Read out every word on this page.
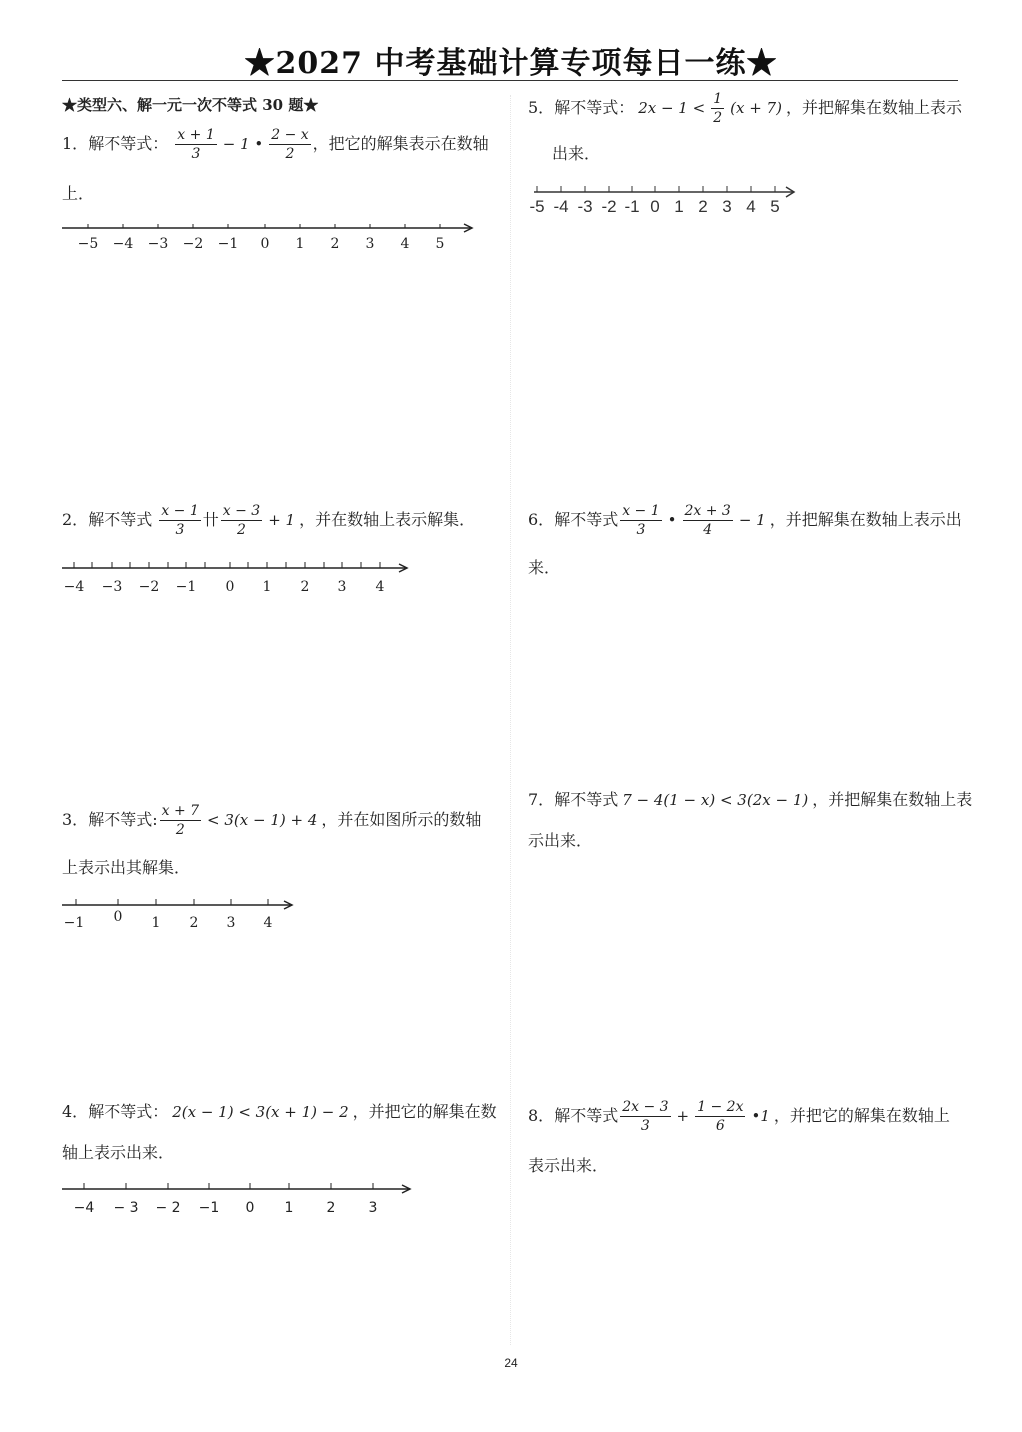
★2027 中考基础计算专项每日一练★
★类型六、解一元一次不等式 30 题★
1．解不等式： $\frac{x + 1}{3} - 1$ • $\frac{2 - x}{2}$ ，把它的解集表示在数轴
上．
−5 −4 −3 −2 −1 0 1 2 3 4 5
2．解不等式 $\frac{x - 1}{3}$ 卄 $\frac{x - 3}{2} + 1$ ，并在数轴上表示解集．
−4 −3 −2 −1 0 1 2 3 4
3．解不等式: $\frac{x + 7}{2} < 3(x - 1) + 4$ ，并在如图所示的数轴
上表示出其解集．
−1 0 1 2 3 4
4．解不等式： 2(x − 1) < 3(x + 1) − 2 ，并把它的解集在数
轴上表示出来．
−4 − 3 − 2 −1 0 1 2 3
5．解不等式： $2x - 1 < \frac{1}{2} (x + 7)$ ，并把解集在数轴上表示
出来．
-5 -4 -3 -2 -1 0 1 2 3 4 5
6．解不等式 $\frac{x - 1}{3}$ • $\frac{2x + 3}{4} - 1$ ，并把解集在数轴上表示出
来．
7．解不等式 7 − 4(1 − x) < 3(2x − 1) ，并把解集在数轴上表
示出来．
8．解不等式 $\frac{2x - 3}{3} + \frac{1 - 2x}{6}$ •1 ，并把它的解集在数轴上
表示出来．
24
